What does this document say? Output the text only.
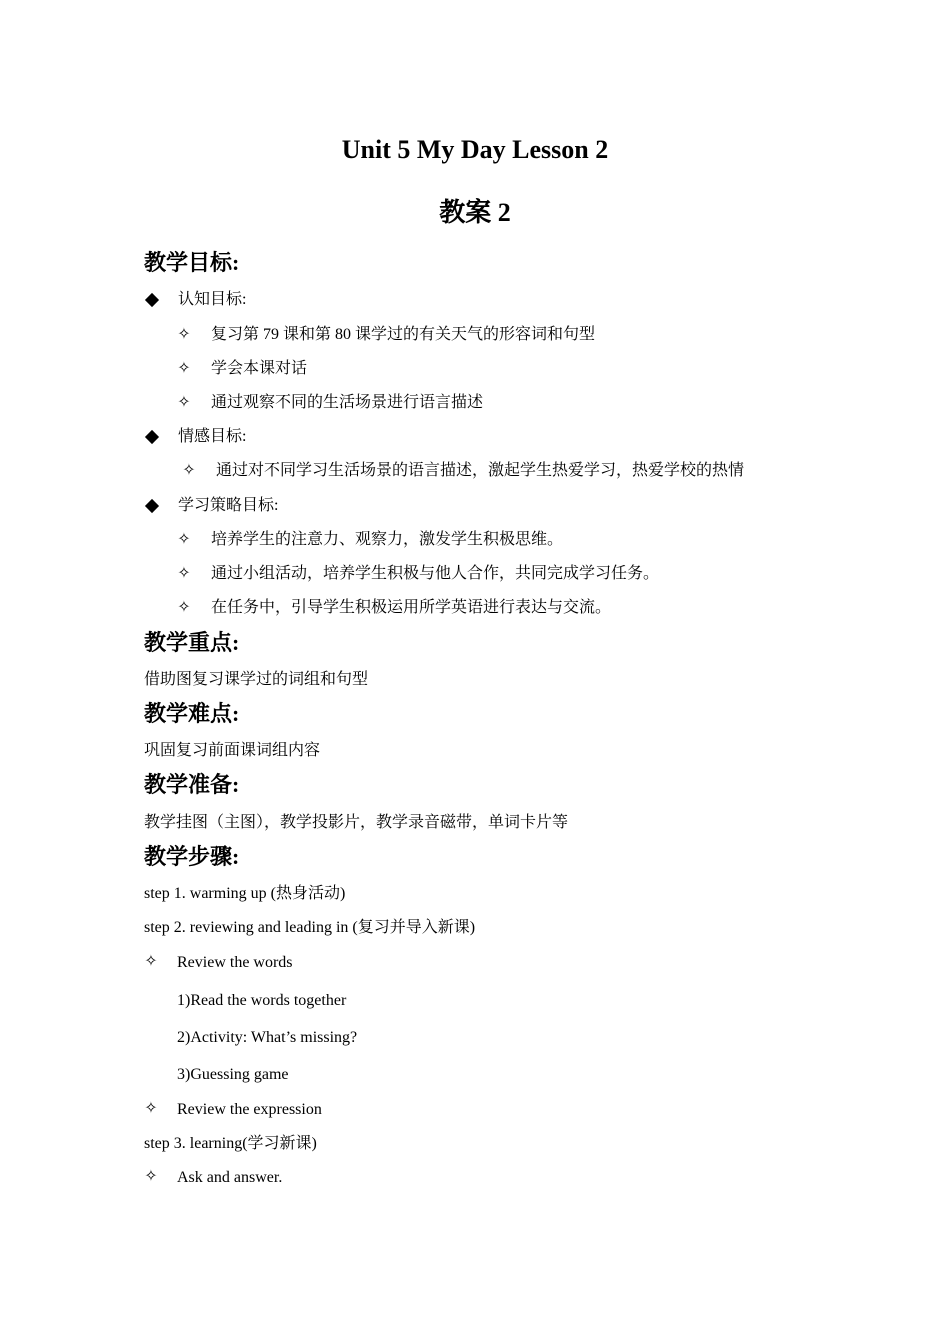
Unit 5 My Day Lesson 2
教案 2
教学目标:
认知目标:
✧ 复习第 79 课和第 80 课学过的有关天气的形容词和句型
✧ 学会本课对话
✧ 通过观察不同的生活场景进行语言描述
情感目标:
✧ 通过对不同学习生活场景的语言描述，激起学生热爱学习，热爱学校的热情
学习策略目标:
✧ 培养学生的注意力、观察力，激发学生积极思维。
✧ 通过小组活动，培养学生积极与他人合作，共同完成学习任务。
✧ 在任务中，引导学生积极运用所学英语进行表达与交流。
教学重点:
借助图复习课学过的词组和句型
教学难点:
巩固复习前面课词组内容
教学准备:
教学挂图（主图），教学投影片，教学录音磁带，单词卡片等
教学步骤:
step 1. warming up (热身活动)
step 2. reviewing and leading in (复习并导入新课)
✧ Review the words
1)Read the words together
2)Activity: What’s missing?
3)Guessing game
✧ Review the expression
step 3. learning(学习新课)
✧ Ask and answer.
